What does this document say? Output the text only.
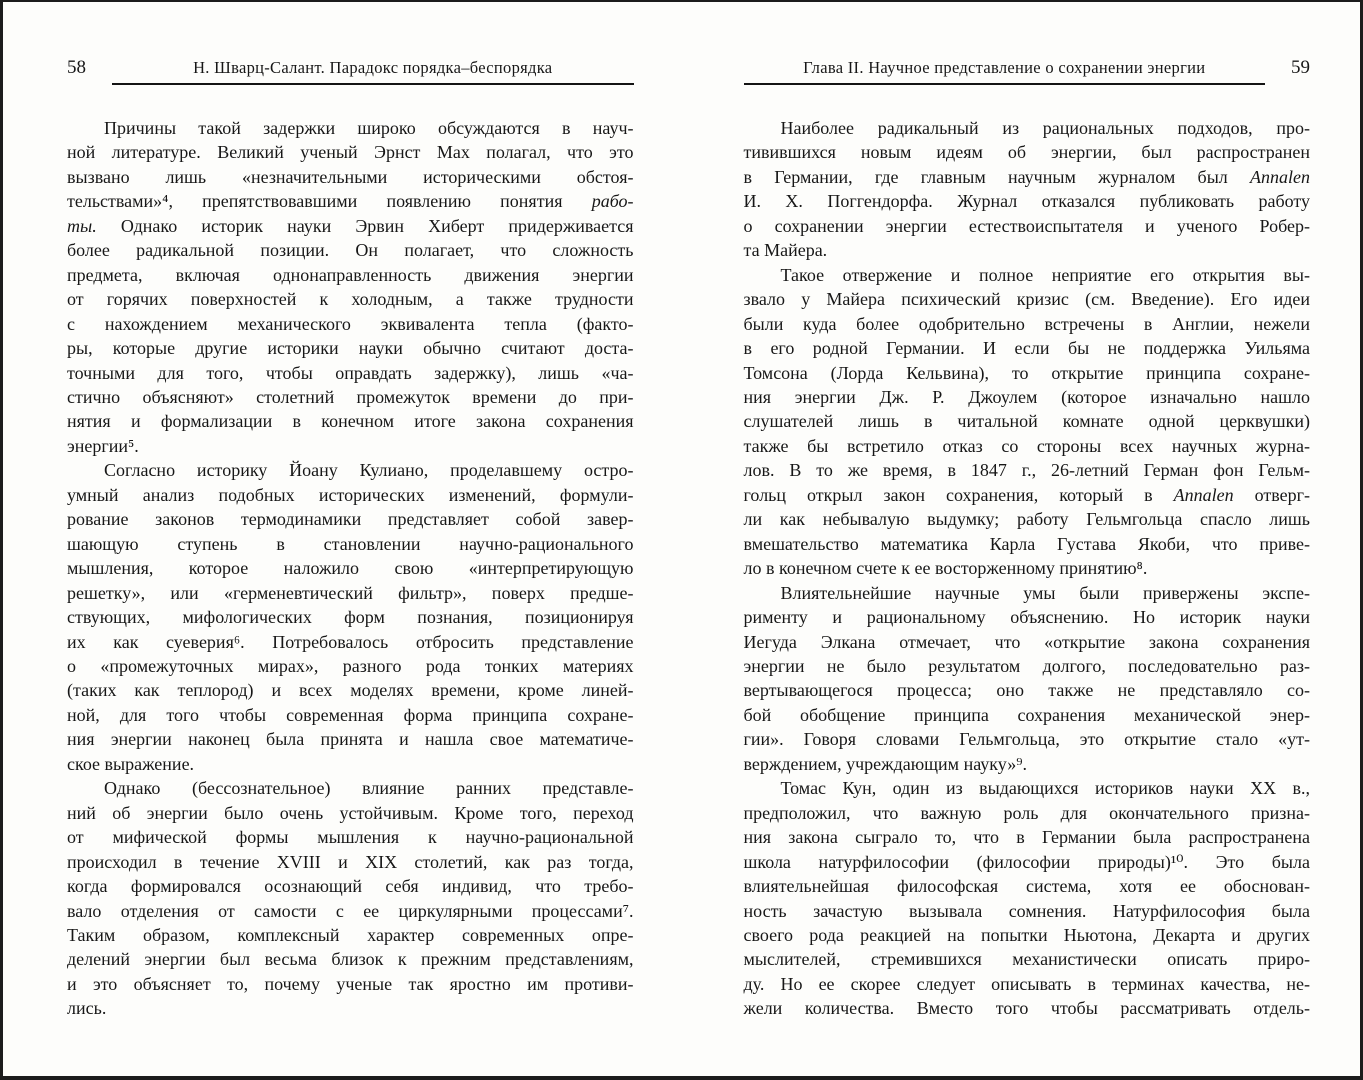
58	Н. Шварц-Салант. Парадокс порядка–беспорядка
Причины такой задержки широко обсуждаются в науч-
ной литературе. Великий ученый Эрнст Мах полагал, что это
вызвано лишь «незначительными историческими обстоя-
тельствами»⁴, препятствовавшими появлению понятия рабо-
ты. Однако историк науки Эрвин Хиберт придерживается
более радикальной позиции. Он полагает, что сложность
предмета, включая однонаправленность движения энергии
от горячих поверхностей к холодным, а также трудности
с нахождением механического эквивалента тепла (факто-
ры, которые другие историки науки обычно считают доста-
точными для того, чтобы оправдать задержку), лишь «ча-
стично объясняют» столетний промежуток времени до при-
нятия и формализации в конечном итоге закона сохранения
энергии⁵.
Согласно историку Йоану Кулиано, проделавшему остро-
умный анализ подобных исторических изменений, формули-
рование законов термодинамики представляет собой завер-
шающую ступень в становлении научно-рационального
мышления, которое наложило свою «интерпретирующую
решетку», или «герменевтический фильтр», поверх предше-
ствующих, мифологических форм познания, позиционируя
их как суеверия⁶. Потребовалось отбросить представление
о «промежуточных мирах», разного рода тонких материях
(таких как теплород) и всех моделях времени, кроме линей-
ной, для того чтобы современная форма принципа сохране-
ния энергии наконец была принята и нашла свое математиче-
ское выражение.
Однако (бессознательное) влияние ранних представле-
ний об энергии было очень устойчивым. Кроме того, переход
от мифической формы мышления к научно-рациональной
происходил в течение XVIII и XIX столетий, как раз тогда,
когда формировался осознающий себя индивид, что требо-
вало отделения от самости с ее циркулярными процессами⁷.
Таким образом, комплексный характер современных опре-
делений энергии был весьма близок к прежним представлениям,
и это объясняет то, почему ученые так яростно им противи-
лись.
Глава II. Научное представление о сохранении энергии	59
Наиболее радикальный из рациональных подходов, про-
тивившихся новым идеям об энергии, был распространен
в Германии, где главным научным журналом был Annalen
И. Х. Поггендорфа. Журнал отказался публиковать работу
о сохранении энергии естествоиспытателя и ученого Робер-
та Майера.
Такое отвержение и полное неприятие его открытия вы-
звало у Майера психический кризис (см. Введение). Его идеи
были куда более одобрительно встречены в Англии, нежели
в его родной Германии. И если бы не поддержка Уильяма
Томсона (Лорда Кельвина), то открытие принципа сохране-
ния энергии Дж. Р. Джоулем (которое изначально нашло
слушателей лишь в читальной комнате одной церквушки)
также бы встретило отказ со стороны всех научных журна-
лов. В то же время, в 1847 г., 26-летний Герман фон Гельм-
гольц открыл закон сохранения, который в Annalen отверг-
ли как небывалую выдумку; работу Гельмгольца спасло лишь
вмешательство математика Карла Густава Якоби, что приве-
ло в конечном счете к ее восторженному принятию⁸.
Влиятельнейшие научные умы были привержены экспе-
рименту и рациональному объяснению. Но историк науки
Иегуда Элкана отмечает, что «открытие закона сохранения
энергии не было результатом долгого, последовательно раз-
вертывающегося процесса; оно также не представляло со-
бой обобщение принципа сохранения механической энер-
гии». Говоря словами Гельмгольца, это открытие стало «ут-
верждением, учреждающим науку»⁹.
Томас Кун, один из выдающихся историков науки XX в.,
предположил, что важную роль для окончательного призна-
ния закона сыграло то, что в Германии была распространена
школа натурфилософии (философии природы)¹⁰. Это была
влиятельнейшая философская система, хотя ее обоснован-
ность зачастую вызывала сомнения. Натурфилософия была
своего рода реакцией на попытки Ньютона, Декарта и других
мыслителей, стремившихся механистически описать приро-
ду. Но ее скорее следует описывать в терминах качества, не-
жели количества. Вместо того чтобы рассматривать отдель-
